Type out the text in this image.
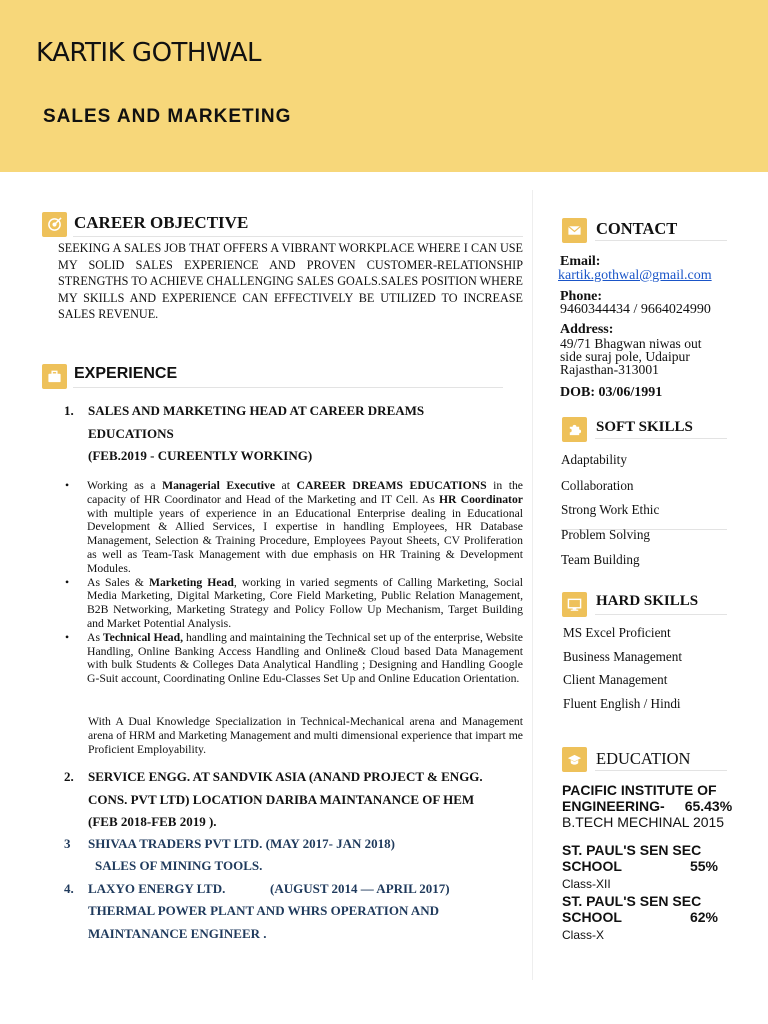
KARTIK GOTHWAL
SALES AND MARKETING
CAREER OBJECTIVE
SEEKING A SALES JOB THAT OFFERS A VIBRANT WORKPLACE WHERE I CAN USE MY SOLID SALES EXPERIENCE AND PROVEN CUSTOMER-RELATIONSHIP STRENGTHS TO ACHIEVE CHALLENGING SALES GOALS.SALES POSITION WHERE MY SKILLS AND EXPERIENCE CAN EFFECTIVELY BE UTILIZED TO INCREASE SALES REVENUE.
EXPERIENCE
1. SALES AND MARKETING HEAD AT CAREER DREAMS
EDUCATIONS
(FEB.2019 - CUREENTLY WORKING)
• Working as a Managerial Executive at CAREER DREAMS EDUCATIONS in the capacity of HR Coordinator and Head of the Marketing and IT Cell. As HR Coordinator with multiple years of experience in an Educational Enterprise dealing in Educational Development & Allied Services, I expertise in handling Employees, HR Database Management, Selection & Training Procedure, Employees Payout Sheets, CV Proliferation as well as Team-Task Management with due emphasis on HR Training & Development Modules.
• As Sales & Marketing Head, working in varied segments of Calling Marketing, Social Media Marketing, Digital Marketing, Core Field Marketing, Public Relation Management, B2B Networking, Marketing Strategy and Policy Follow Up Mechanism, Target Building and Market Potential Analysis.
• As Technical Head, handling and maintaining the Technical set up of the enterprise, Website Handling, Online Banking Access Handling and Online& Cloud based Data Management with bulk Students & Colleges Data Analytical Handling ; Designing and Handling Google G-Suit account, Coordinating Online Edu-Classes Set Up and Online Education Orientation.
With A Dual Knowledge Specialization in Technical-Mechanical arena and Management arena of HRM and Marketing Management and multi dimensional experience that impart me Proficient Employability.
2. SERVICE ENGG. AT SANDVIK ASIA (ANAND PROJECT & ENGG.
CONS. PVT LTD) LOCATION DARIBA MAINTANANCE OF HEM
(FEB 2018-FEB 2019 ).
3 SHIVAA TRADERS PVT LTD. (MAY 2017- JAN 2018)
SALES OF MINING TOOLS.
4. LAXYO ENERGY LTD.	(AUGUST 2014 — APRIL 2017)
THERMAL POWER PLANT AND WHRS OPERATION AND
MAINTANANCE ENGINEER .
CONTACT
Email:
kartik.gothwal@gmail.com
Phone:
9460344434 / 9664024990
Address:
49/71 Bhagwan niwas out
side suraj pole, Udaipur
Rajasthan-313001
DOB: 03/06/1991
SOFT SKILLS
Adaptability
Collaboration
Strong Work Ethic
Problem Solving
Team Building
HARD SKILLS
MS Excel Proficient
Business Management
Client Management
Fluent English / Hindi
EDUCATION
PACIFIC INSTITUTE OF
ENGINEERING- 65.43%
B.TECH MECHINAL 2015
ST. PAUL'S SEN SEC
SCHOOL	55%
Class-XII
ST. PAUL'S SEN SEC
SCHOOL	62%
Class-X
